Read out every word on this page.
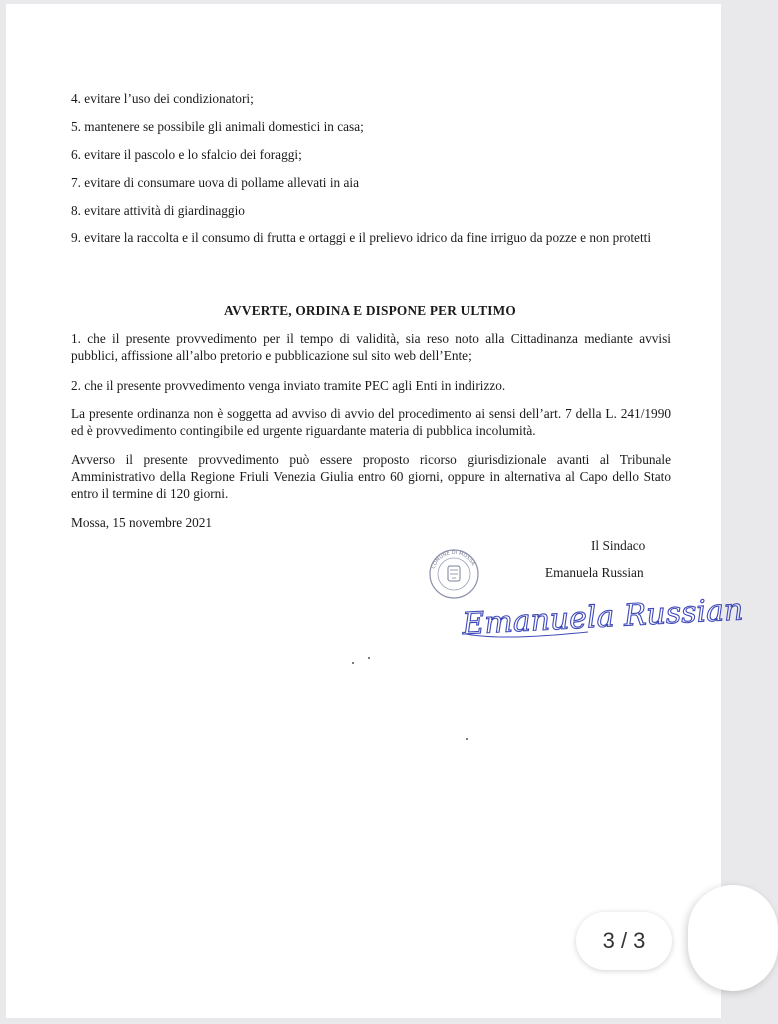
4. evitare l’uso dei condizionatori;
5. mantenere se possibile gli animali domestici in casa;
6. evitare il pascolo e lo sfalcio dei foraggi;
7. evitare di consumare uova di pollame allevati in aia
8. evitare attività di giardinaggio
9. evitare la raccolta e il consumo di frutta e ortaggi e il prelievo idrico da fine irriguo da pozze e non protetti
AVVERTE, ORDINA E DISPONE PER ULTIMO
1. che il presente provvedimento per il tempo di validità, sia reso noto alla Cittadinanza mediante avvisi pubblici, affissione all’albo pretorio e pubblicazione sul sito web dell’Ente;
2. che il presente provvedimento venga inviato tramite PEC agli Enti in indirizzo.
La presente ordinanza non è soggetta ad avviso di avvio del procedimento ai sensi dell’art. 7 della L. 241/1990 ed è provvedimento contingibile ed urgente riguardante materia di pubblica incolumità.
Avverso il presente provvedimento può essere proposto ricorso giurisdizionale avanti al Tribunale Amministrativo della Regione Friuli Venezia Giulia entro 60 giorni, oppure in alternativa al Capo dello Stato entro il termine di 120 giorni.
Mossa, 15 novembre 2021
Il Sindaco
Emanuela Russian
COMUNE DI MOSSA
Emanuela Russian
3 / 3
